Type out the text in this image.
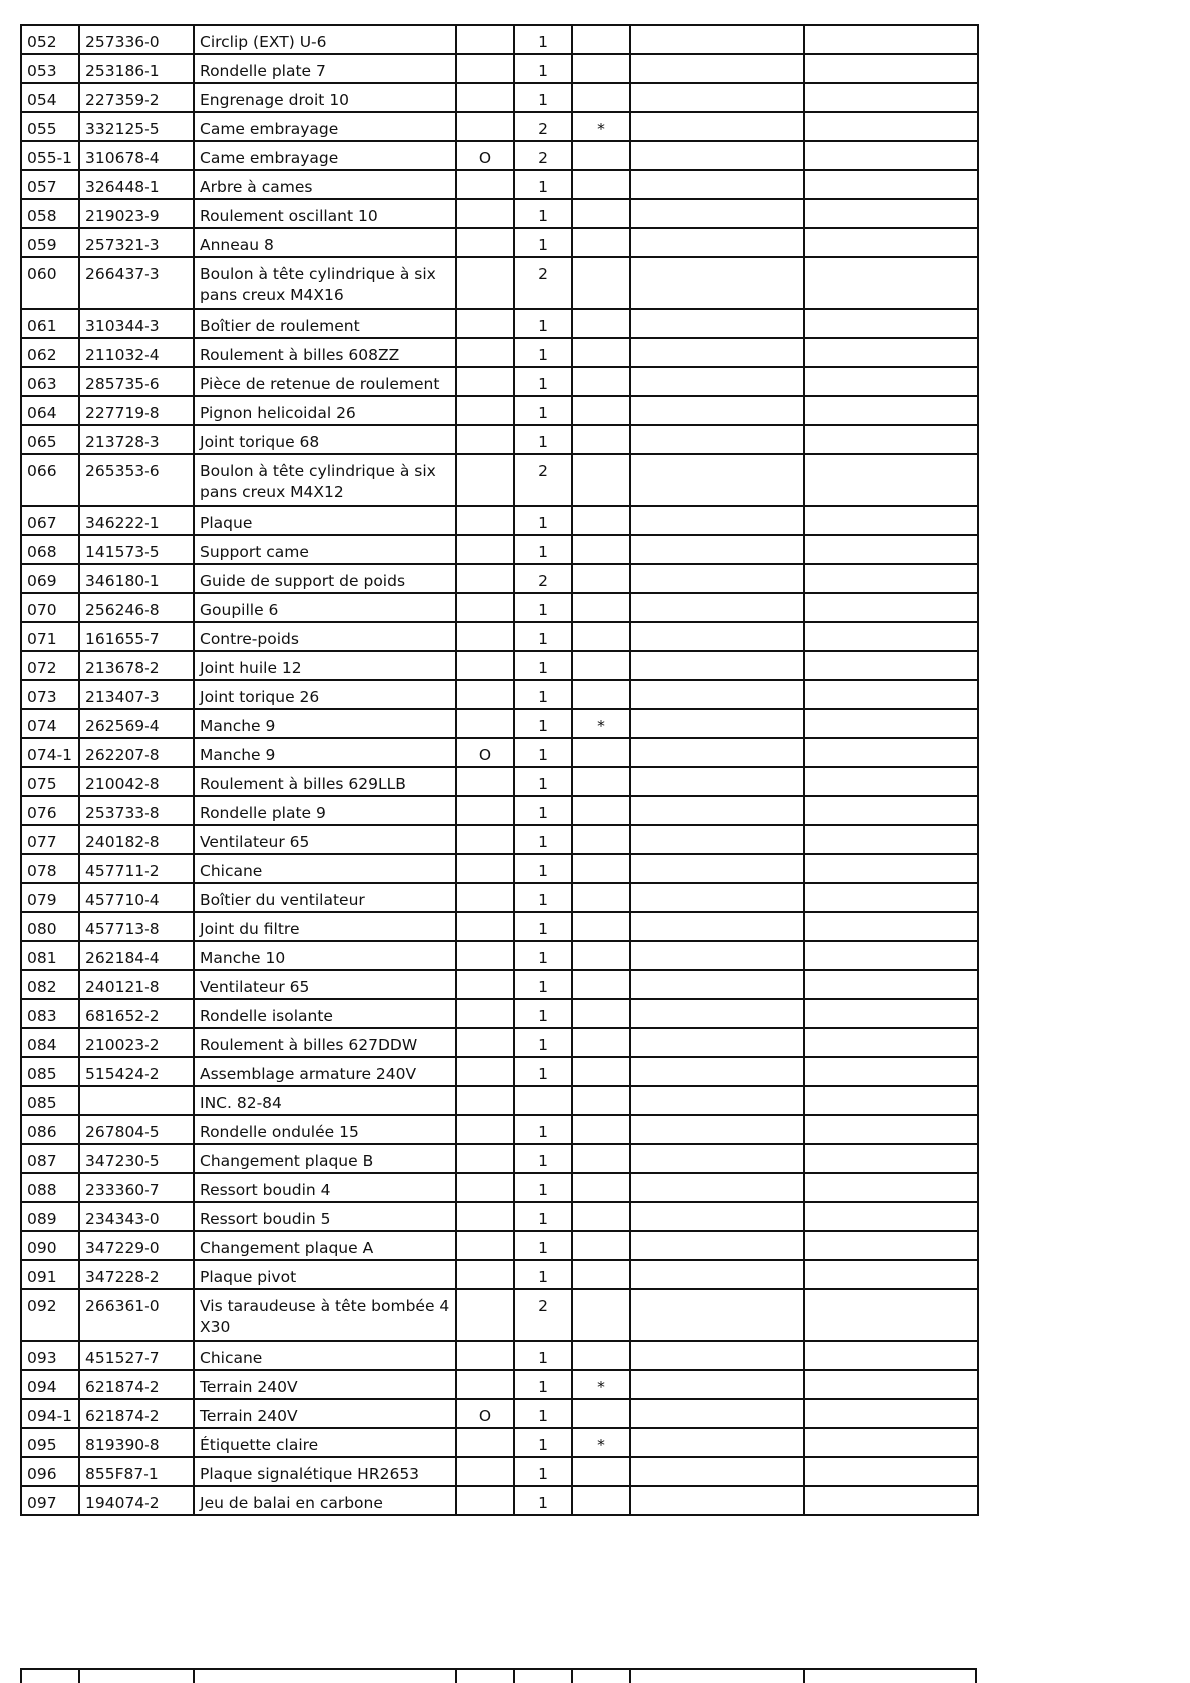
052	257336-0	Circlip (EXT) U-6		1			
053	253186-1	Rondelle plate 7		1			
054	227359-2	Engrenage droit 10		1			
055	332125-5	Came embrayage		2	*		
055-1	310678-4	Came embrayage	O	2			
057	326448-1	Arbre à cames		1			
058	219023-9	Roulement oscillant 10		1			
059	257321-3	Anneau 8		1			
060	266437-3	Boulon à tête cylindrique à six pans creux M4X16		2			
061	310344-3	Boîtier de roulement		1			
062	211032-4	Roulement à billes 608ZZ		1			
063	285735-6	Pièce de retenue de roulement		1			
064	227719-8	Pignon helicoidal 26		1			
065	213728-3	Joint torique 68		1			
066	265353-6	Boulon à tête cylindrique à six pans creux M4X12		2			
067	346222-1	Plaque		1			
068	141573-5	Support came		1			
069	346180-1	Guide de support de poids		2			
070	256246-8	Goupille 6		1			
071	161655-7	Contre-poids		1			
072	213678-2	Joint huile 12		1			
073	213407-3	Joint torique 26		1			
074	262569-4	Manche 9		1	*		
074-1	262207-8	Manche 9	O	1			
075	210042-8	Roulement à billes 629LLB		1			
076	253733-8	Rondelle plate 9		1			
077	240182-8	Ventilateur 65		1			
078	457711-2	Chicane		1			
079	457710-4	Boîtier du ventilateur		1			
080	457713-8	Joint du filtre		1			
081	262184-4	Manche 10		1			
082	240121-8	Ventilateur 65		1			
083	681652-2	Rondelle isolante		1			
084	210023-2	Roulement à billes 627DDW		1			
085	515424-2	Assemblage armature 240V		1			
085		INC. 82-84					
086	267804-5	Rondelle ondulée 15		1			
087	347230-5	Changement plaque B		1			
088	233360-7	Ressort boudin 4		1			
089	234343-0	Ressort boudin 5		1			
090	347229-0	Changement plaque A		1			
091	347228-2	Plaque pivot		1			
092	266361-0	Vis taraudeuse à tête bombée 4X30		2			
093	451527-7	Chicane		1			
094	621874-2	Terrain 240V		1	*		
094-1	621874-2	Terrain 240V	O	1			
095	819390-8	Étiquette claire		1	*		
096	855F87-1	Plaque signalétique HR2653		1			
097	194074-2	Jeu de balai en carbone		1			
